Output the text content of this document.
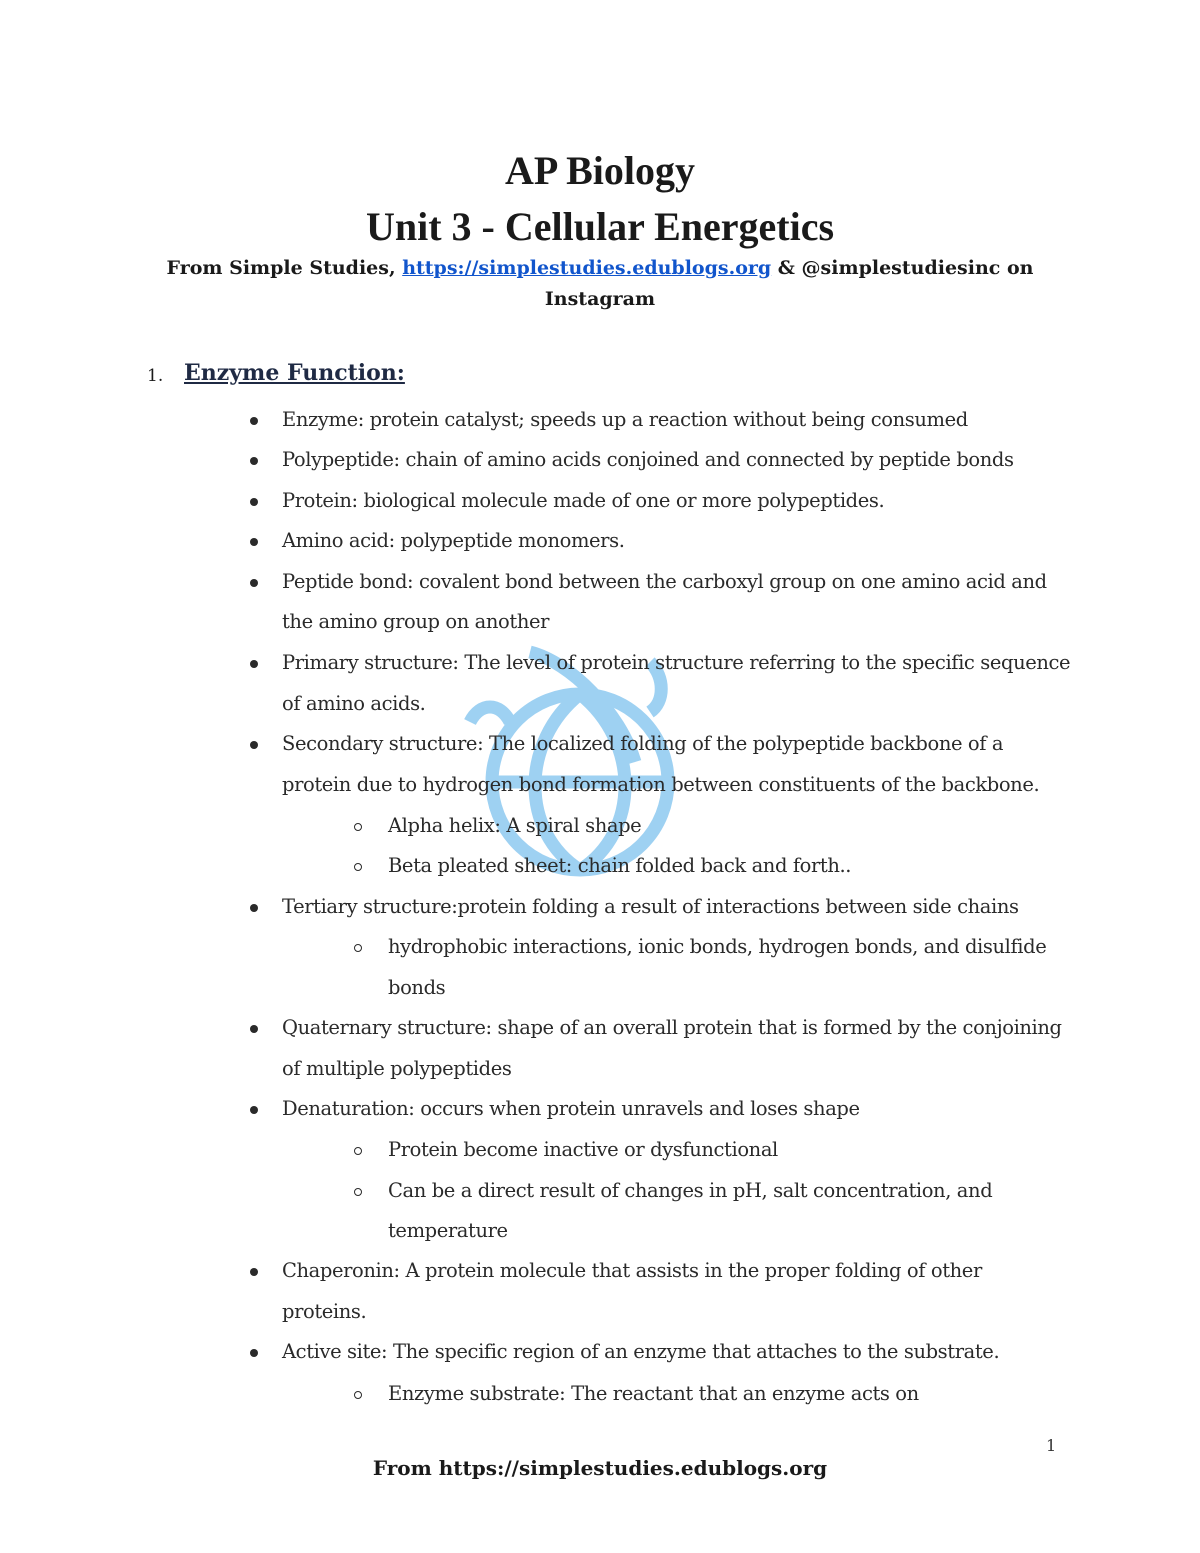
AP Biology
Unit 3 - Cellular Energetics
From Simple Studies, https://simplestudies.edublogs.org & @simplestudiesinc on
Instagram
1. Enzyme Function:
Enzyme: protein catalyst; speeds up a reaction without being consumed
Polypeptide: chain of amino acids conjoined and connected by peptide bonds
Protein: biological molecule made of one or more polypeptides.
Amino acid: polypeptide monomers.
Peptide bond: covalent bond between the carboxyl group on one amino acid and
the amino group on another
Primary structure: The level of protein structure referring to the specific sequence
of amino acids.
Secondary structure: The localized folding of the polypeptide backbone of a
protein due to hydrogen bond formation between constituents of the backbone.
Alpha helix: A spiral shape
Beta pleated sheet: chain folded back and forth..
Tertiary structure:protein folding a result of interactions between side chains
hydrophobic interactions, ionic bonds, hydrogen bonds, and disulfide
bonds
Quaternary structure: shape of an overall protein that is formed by the conjoining
of multiple polypeptides
Denaturation: occurs when protein unravels and loses shape
Protein become inactive or dysfunctional
Can be a direct result of changes in pH, salt concentration, and
temperature
Chaperonin: A protein molecule that assists in the proper folding of other
proteins.
Active site: The specific region of an enzyme that attaches to the substrate.
Enzyme substrate: The reactant that an enzyme acts on
1
From https://simplestudies.edublogs.org
